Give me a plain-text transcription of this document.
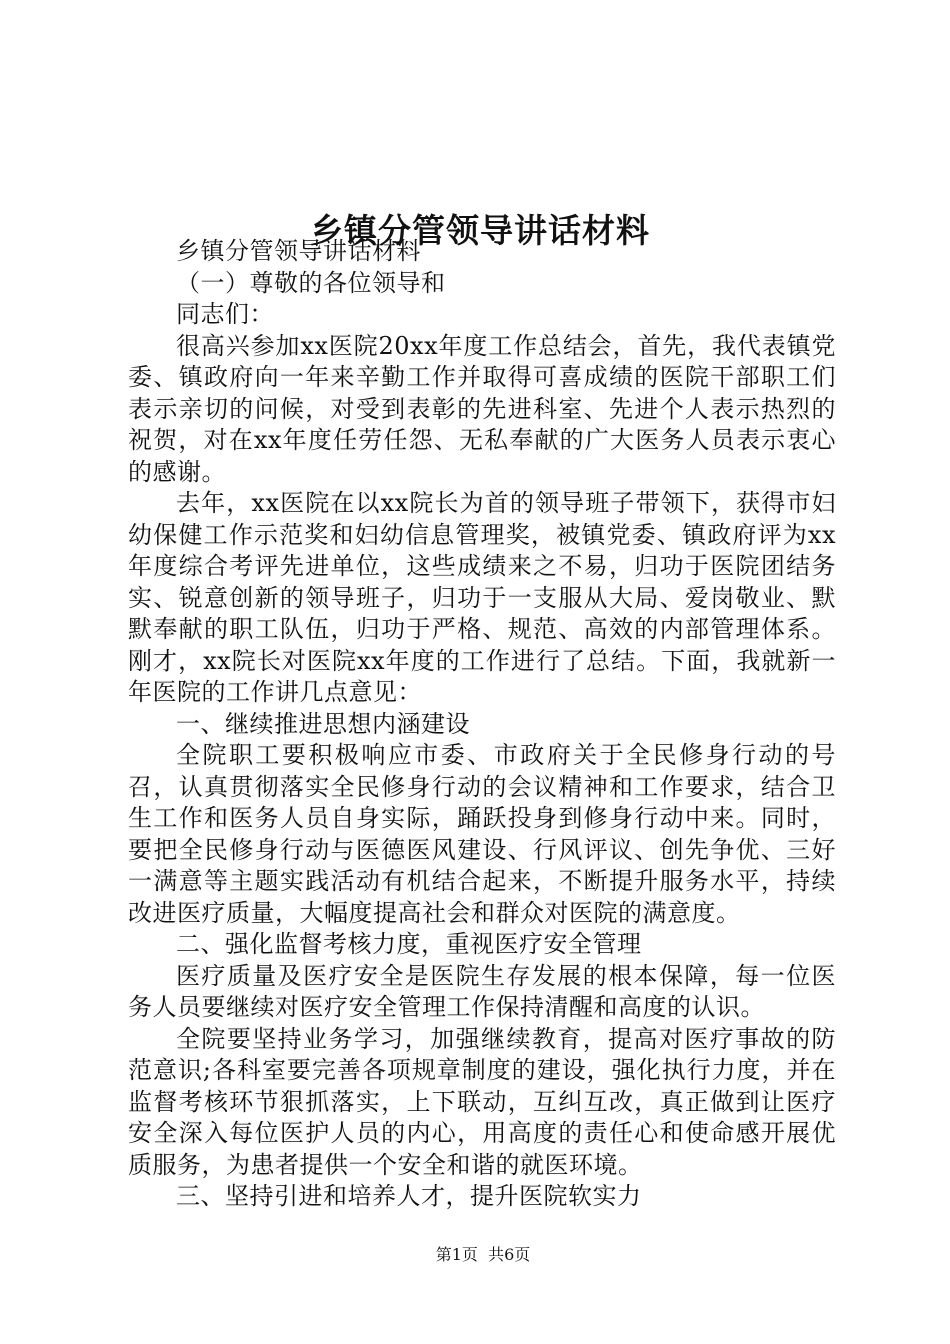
乡镇分管领导讲话材料

乡镇分管领导讲话材料

（一）尊敬的各位领导和

同志们：

很高兴参加xx医院20xx年度工作总结会，首先，我代表镇党委、镇政府向一年来辛勤工作并取得可喜成绩的医院干部职工们表示亲切的问候，对受到表彰的先进科室、先进个人表示热烈的祝贺，对在xx年度任劳任怨、无私奉献的广大医务人员表示衷心的感谢。

去年，xx医院在以xx院长为首的领导班子带领下，获得市妇幼保健工作示范奖和妇幼信息管理奖，被镇党委、镇政府评为xx年度综合考评先进单位，这些成绩来之不易，归功于医院团结务实、锐意创新的领导班子，归功于一支服从大局、爱岗敬业、默默奉献的职工队伍，归功于严格、规范、高效的内部管理体系。刚才，xx院长对医院xx年度的工作进行了总结。下面，我就新一年医院的工作讲几点意见：

一、继续推进思想内涵建设

全院职工要积极响应市委、市政府关于全民修身行动的号召，认真贯彻落实全民修身行动的会议精神和工作要求，结合卫生工作和医务人员自身实际，踊跃投身到修身行动中来。同时，要把全民修身行动与医德医风建设、行风评议、创先争优、三好一满意等主题实践活动有机结合起来，不断提升服务水平，持续改进医疗质量，大幅度提高社会和群众对医院的满意度。

二、强化监督考核力度，重视医疗安全管理

医疗质量及医疗安全是医院生存发展的根本保障，每一位医务人员要继续对医疗安全管理工作保持清醒和高度的认识。

全院要坚持业务学习，加强继续教育，提高对医疗事故的防范意识;各科室要完善各项规章制度的建设，强化执行力度，并在监督考核环节狠抓落实，上下联动，互纠互改，真正做到让医疗安全深入每位医护人员的内心，用高度的责任心和使命感开展优质服务，为患者提供一个安全和谐的就医环境。

三、坚持引进和培养人才，提升医院软实力

第1页  共6页
